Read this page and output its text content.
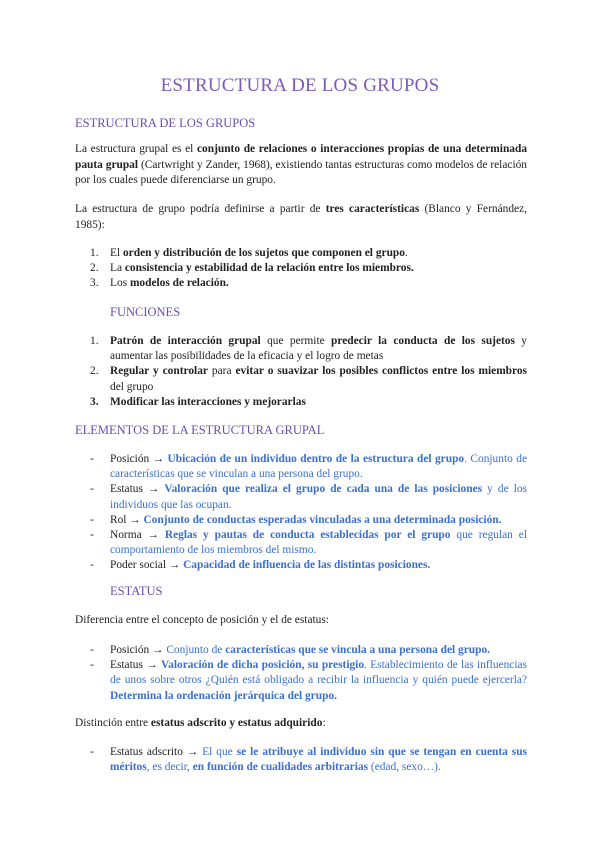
ESTRUCTURA DE LOS GRUPOS
ESTRUCTURA DE LOS GRUPOS
La estructura grupal es el conjunto de relaciones o interacciones propias de una determinada pauta grupal (Cartwright y Zander, 1968), existiendo tantas estructuras como modelos de relación por los cuales puede diferenciarse un grupo.
La estructura de grupo podría definirse a partir de tres características (Blanco y Fernández, 1985):
1. El orden y distribución de los sujetos que componen el grupo.
2. La consistencia y estabilidad de la relación entre los miembros.
3. Los modelos de relación.
FUNCIONES
1. Patrón de interacción grupal que permite predecir la conducta de los sujetos y aumentar las posibilidades de la eficacia y el logro de metas
2. Regular y controlar para evitar o suavizar los posibles conflictos entre los miembros del grupo
3. Modificar las interacciones y mejorarlas
ELEMENTOS DE LA ESTRUCTURA GRUPAL
- Posición → Ubicación de un individuo dentro de la estructura del grupo. Conjunto de características que se vinculan a una persona del grupo.
- Estatus → Valoración que realiza el grupo de cada una de las posiciones y de los individuos que las ocupan.
- Rol → Conjunto de conductas esperadas vinculadas a una determinada posición.
- Norma → Reglas y pautas de conducta establecidas por el grupo que regulan el comportamiento de los miembros del mismo.
- Poder social → Capacidad de influencia de las distintas posiciones.
ESTATUS
Diferencia entre el concepto de posición y el de estatus:
- Posición → Conjunto de características que se vincula a una persona del grupo.
- Estatus → Valoración de dicha posición, su prestigio. Establecimiento de las influencias de unos sobre otros ¿Quién está obligado a recibir la influencia y quién puede ejercerla? Determina la ordenación jerárquica del grupo.
Distinción entre estatus adscrito y estatus adquirido:
- Estatus adscrito → El que se le atribuye al individuo sin que se tengan en cuenta sus méritos, es decir, en función de cualidades arbitrarias (edad, sexo…).
